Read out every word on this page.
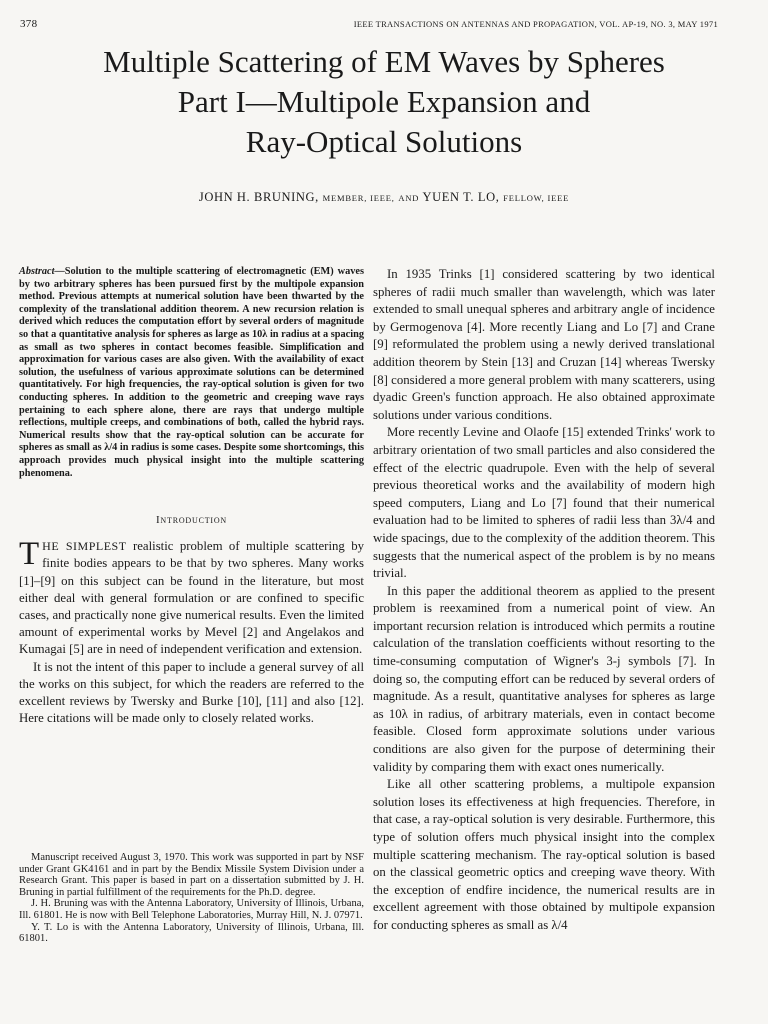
378	IEEE TRANSACTIONS ON ANTENNAS AND PROPAGATION, VOL. AP-19, NO. 3, MAY 1971
Multiple Scattering of EM Waves by Spheres
Part I—Multipole Expansion and
Ray-Optical Solutions
JOHN H. BRUNING, MEMBER, IEEE, AND YUEN T. LO, FELLOW, IEEE

Abstract—Solution to the multiple scattering of electromagnetic (EM) waves by two arbitrary spheres has been pursued first by the multipole expansion method. Previous attempts at numerical solution have been thwarted by the complexity of the translational addition theorem. A new recursion relation is derived which reduces the computation effort by several orders of magnitude so that a quantitative analysis for spheres as large as 10λ in radius at a spacing as small as two spheres in contact becomes feasible. Simplification and approximation for various cases are also given. With the availability of exact solution, the usefulness of various approximate solutions can be determined quantitatively. For high frequencies, the ray-optical solution is given for two conducting spheres. In addition to the geometric and creeping wave rays pertaining to each sphere alone, there are rays that undergo multiple reflections, multiple creeps, and combinations of both, called the hybrid rays. Numerical results show that the ray-optical solution can be accurate for spheres as small as λ/4 in radius is some cases. Despite some shortcomings, this approach provides much physical insight into the multiple scattering phenomena.

Introduction

THE SIMPLEST realistic problem of multiple scattering by finite bodies appears to be that by two spheres. Many works [1]–[9] on this subject can be found in the literature, but most either deal with general formulation or are confined to specific cases, and practically none give numerical results. Even the limited amount of experimental works by Mevel [2] and Angelakos and Kumagai [5] are in need of independent verification and extension.

It is not the intent of this paper to include a general survey of all the works on this subject, for which the readers are referred to the excellent reviews by Twersky and Burke [10], [11] and also [12]. Here citations will be made only to closely related works.

Manuscript received August 3, 1970. This work was supported in part by NSF under Grant GK4161 and in part by the Bendix Missile System Division under a Research Grant. This paper is based in part on a dissertation submitted by J. H. Bruning in partial fulfillment of the requirements for the Ph.D. degree.

J. H. Bruning was with the Antenna Laboratory, University of Illinois, Urbana, Ill. 61801. He is now with Bell Telephone Laboratories, Murray Hill, N. J. 07971.

Y. T. Lo is with the Antenna Laboratory, University of Illinois, Urbana, Ill. 61801.

In 1935 Trinks [1] considered scattering by two identical spheres of radii much smaller than wavelength, which was later extended to small unequal spheres and arbitrary angle of incidence by Germogenova [4]. More recently Liang and Lo [7] and Crane [9] reformulated the problem using a newly derived translational addition theorem by Stein [13] and Cruzan [14] whereas Twersky [8] considered a more general problem with many scatterers, using dyadic Green's function approach. He also obtained approximate solutions under various conditions.

More recently Levine and Olaofe [15] extended Trinks' work to arbitrary orientation of two small particles and also considered the effect of the electric quadrupole. Even with the help of several previous theoretical works and the availability of modern high speed computers, Liang and Lo [7] found that their numerical evaluation had to be limited to spheres of radii less than 3λ/4 and wide spacings, due to the complexity of the addition theorem. This suggests that the numerical aspect of the problem is by no means trivial.

In this paper the additional theorem as applied to the present problem is reexamined from a numerical point of view. An important recursion relation is introduced which permits a routine calculation of the translation coefficients without resorting to the time-consuming computation of Wigner's 3-j symbols [7]. In doing so, the computing effort can be reduced by several orders of magnitude. As a result, quantitative analyses for spheres as large as 10λ in radius, of arbitrary materials, even in contact become feasible. Closed form approximate solutions under various conditions are also given for the purpose of determining their validity by comparing them with exact ones numerically.

Like all other scattering problems, a multipole expansion solution loses its effectiveness at high frequencies. Therefore, in that case, a ray-optical solution is very desirable. Furthermore, this type of solution offers much physical insight into the complex multiple scattering mechanism. The ray-optical solution is based on the classical geometric optics and creeping wave theory. With the exception of endfire incidence, the numerical results are in excellent agreement with those obtained by multipole expansion for conducting spheres as small as λ/4
